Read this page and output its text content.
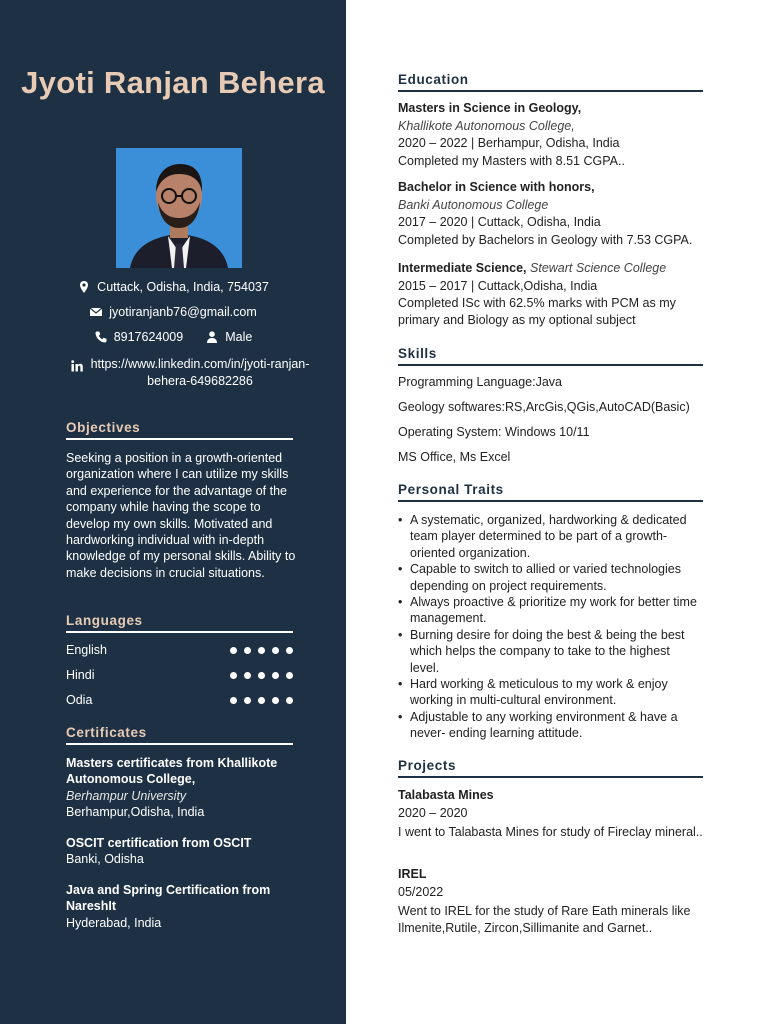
Jyoti Ranjan Behera
Cuttack, Odisha, India, 754037
jyotiranjanb76@gmail.com
8917624009	Male
https://www.linkedin.com/in/jyoti-ranjan-behera-649682286
Objectives
Seeking a position in a growth-oriented organization where I can utilize my skills and experience for the advantage of the company while having the scope to develop my own skills. Motivated and hardworking individual with in-depth knowledge of my personal skills. Ability to make decisions in crucial situations.
Languages
English
Hindi
Odia
Certificates
Masters certificates from Khallikote Autonomous College,
Berhampur University
Berhampur,Odisha, India
OSCIT certification from OSCIT
Banki, Odisha
Java and Spring Certification from NareshIt
Hyderabad, India
Education
Masters in Science in Geology,
Khallikote Autonomous College,
2020 – 2022 | Berhampur, Odisha, India
Completed my Masters with 8.51 CGPA..
Bachelor in Science with honors,
Banki Autonomous College
2017 – 2020 | Cuttack, Odisha, India
Completed by Bachelors in Geology with 7.53 CGPA.
Intermediate Science, Stewart Science College
2015 – 2017 | Cuttack,Odisha, India
Completed ISc with 62.5% marks with PCM as my primary and Biology as my optional subject
Skills
Programming Language:Java
Geology softwares:RS,ArcGis,QGis,AutoCAD(Basic)
Operating System: Windows 10/11
MS Office, Ms Excel
Personal Traits
• A systematic, organized, hardworking & dedicated team player determined to be part of a growth-oriented organization.
• Capable to switch to allied or varied technologies depending on project requirements.
• Always proactive & prioritize my work for better time management.
• Burning desire for doing the best & being the best which helps the company to take to the highest level.
• Hard working & meticulous to my work & enjoy working in multi-cultural environment.
• Adjustable to any working environment & have a never- ending learning attitude.
Projects
Talabasta Mines
2020 – 2020
I went to Talabasta Mines for study of Fireclay mineral..
IREL
05/2022
Went to IREL for the study of Rare Eath minerals like Ilmenite,Rutile, Zircon,Sillimanite and Garnet..
